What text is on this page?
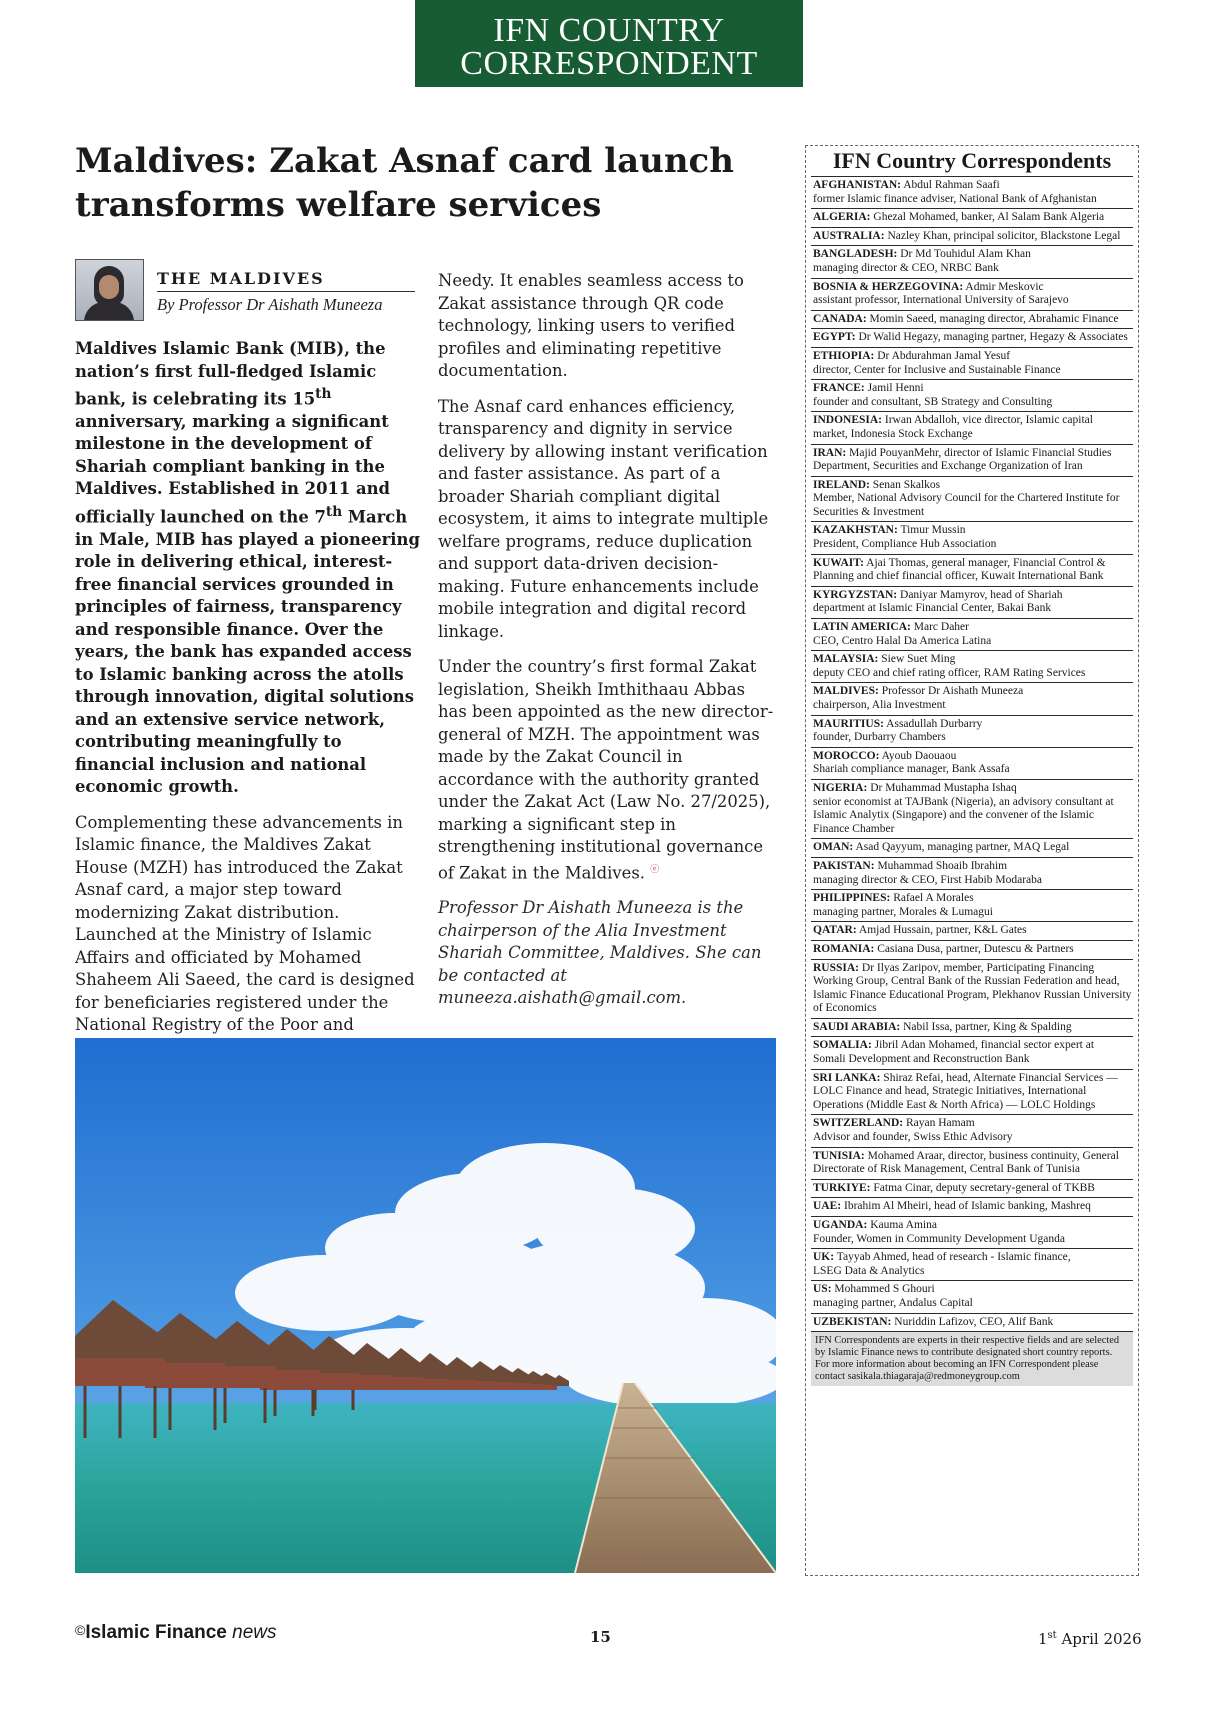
IFN COUNTRY
CORRESPONDENT
Maldives: Zakat Asnaf card launch
transforms welfare services
THE MALDIVES
By Professor Dr Aishath Muneeza

Maldives Islamic Bank (MIB), the nation’s first full-fledged Islamic bank, is celebrating its 15th anniversary, marking a significant milestone in the development of Shariah compliant banking in the Maldives. Established in 2011 and officially launched on the 7th March in Male, MIB has played a pioneering role in delivering ethical, interest-free financial services grounded in principles of fairness, transparency and responsible finance. Over the years, the bank has expanded access to Islamic banking across the atolls through innovation, digital solutions and an extensive service network, contributing meaningfully to financial inclusion and national economic growth.

Complementing these advancements in Islamic finance, the Maldives Zakat House (MZH) has introduced the Zakat Asnaf card, a major step toward modernizing Zakat distribution. Launched at the Ministry of Islamic Affairs and officiated by Mohamed Shaheem Ali Saeed, the card is designed for beneficiaries registered under the National Registry of the Poor and

Needy. It enables seamless access to Zakat assistance through QR code technology, linking users to verified profiles and eliminating repetitive documentation.

The Asnaf card enhances efficiency, transparency and dignity in service delivery by allowing instant verification and faster assistance. As part of a broader Shariah compliant digital ecosystem, it aims to integrate multiple welfare programs, reduce duplication and support data-driven decision-making. Future enhancements include mobile integration and digital record linkage.

Under the country’s first formal Zakat legislation, Sheikh Imthithaau Abbas has been appointed as the new director-general of MZH. The appointment was made by the Zakat Council in accordance with the authority granted under the Zakat Act (Law No. 27/2025), marking a significant step in strengthening institutional governance of Zakat in the Maldives. ⓔ

Professor Dr Aishath Muneeza is the chairperson of the Alia Investment Shariah Committee, Maldives. She can be contacted at muneeza.aishath@gmail.com.

IFN Country Correspondents
AFGHANISTAN: Abdul Rahman Saafi
former Islamic finance adviser, National Bank of Afghanistan
ALGERIA: Ghezal Mohamed, banker, Al Salam Bank Algeria
AUSTRALIA: Nazley Khan, principal solicitor, Blackstone Legal
BANGLADESH: Dr Md Touhidul Alam Khan
managing director & CEO, NRBC Bank
BOSNIA & HERZEGOVINA: Admir Meskovic
assistant professor, International University of Sarajevo
CANADA: Momin Saeed, managing director, Abrahamic Finance
EGYPT: Dr Walid Hegazy, managing partner, Hegazy & Associates
ETHIOPIA: Dr Abdurahman Jamal Yesuf
director, Center for Inclusive and Sustainable Finance
FRANCE: Jamil Henni
founder and consultant, SB Strategy and Consulting
INDONESIA: Irwan Abdalloh, vice director, Islamic capital
market, Indonesia Stock Exchange
IRAN: Majid PouyanMehr, director of Islamic Financial Studies
Department, Securities and Exchange Organization of Iran
IRELAND: Senan Skalkos
Member, National Advisory Council for the Chartered Institute for Securities & Investment
KAZAKHSTAN: Timur Mussin
President, Compliance Hub Association
KUWAIT: Ajai Thomas, general manager, Financial Control &
Planning and chief financial officer, Kuwait International Bank
KYRGYZSTAN: Daniyar Mamyrov, head of Shariah
department at Islamic Financial Center, Bakai Bank
LATIN AMERICA: Marc Daher
CEO, Centro Halal Da America Latina
MALAYSIA: Siew Suet Ming
deputy CEO and chief rating officer, RAM Rating Services
MALDIVES: Professor Dr Aishath Muneeza
chairperson, Alia Investment
MAURITIUS: Assadullah Durbarry
founder, Durbarry Chambers
MOROCCO: Ayoub Daouaou
Shariah compliance manager, Bank Assafa
NIGERIA: Dr Muhammad Mustapha Ishaq
senior economist at TAJBank (Nigeria), an advisory consultant at Islamic Analytix (Singapore) and the convener of the Islamic Finance Chamber
OMAN: Asad Qayyum, managing partner, MAQ Legal
PAKISTAN: Muhammad Shoaib Ibrahim
managing director & CEO, First Habib Modaraba
PHILIPPINES: Rafael A Morales
managing partner, Morales & Lumagui
QATAR: Amjad Hussain, partner, K&L Gates
ROMANIA: Casiana Dusa, partner, Dutescu & Partners
RUSSIA: Dr Ilyas Zaripov, member, Participating Financing Working Group, Central Bank of the Russian Federation and head, Islamic Finance Educational Program, Plekhanov Russian University of Economics
SAUDI ARABIA: Nabil Issa, partner, King & Spalding
SOMALIA: Jibril Adan Mohamed, financial sector expert at
Somali Development and Reconstruction Bank
SRI LANKA: Shiraz Refai, head, Alternate Financial Services — LOLC Finance and head, Strategic Initiatives, International Operations (Middle East & North Africa) — LOLC Holdings
SWITZERLAND: Rayan Hamam
Advisor and founder, Swiss Ethic Advisory
TUNISIA: Mohamed Araar, director, business continuity, General
Directorate of Risk Management, Central Bank of Tunisia
TURKIYE: Fatma Cinar, deputy secretary-general of TKBB
UAE: Ibrahim Al Mheiri, head of Islamic banking, Mashreq
UGANDA: Kauma Amina
Founder, Women in Community Development Uganda
UK: Tayyab Ahmed, head of research - Islamic finance,
LSEG Data & Analytics
US: Mohammed S Ghouri
managing partner, Andalus Capital
UZBEKISTAN: Nuriddin Lafizov, CEO, Alif Bank
IFN Correspondents are experts in their respective fields and are selected by Islamic Finance news to contribute designated short country reports. For more information about becoming an IFN Correspondent please contact sasikala.thiagaraja@redmoneygroup.com
©Islamic Finance news	15	1st April 2026
